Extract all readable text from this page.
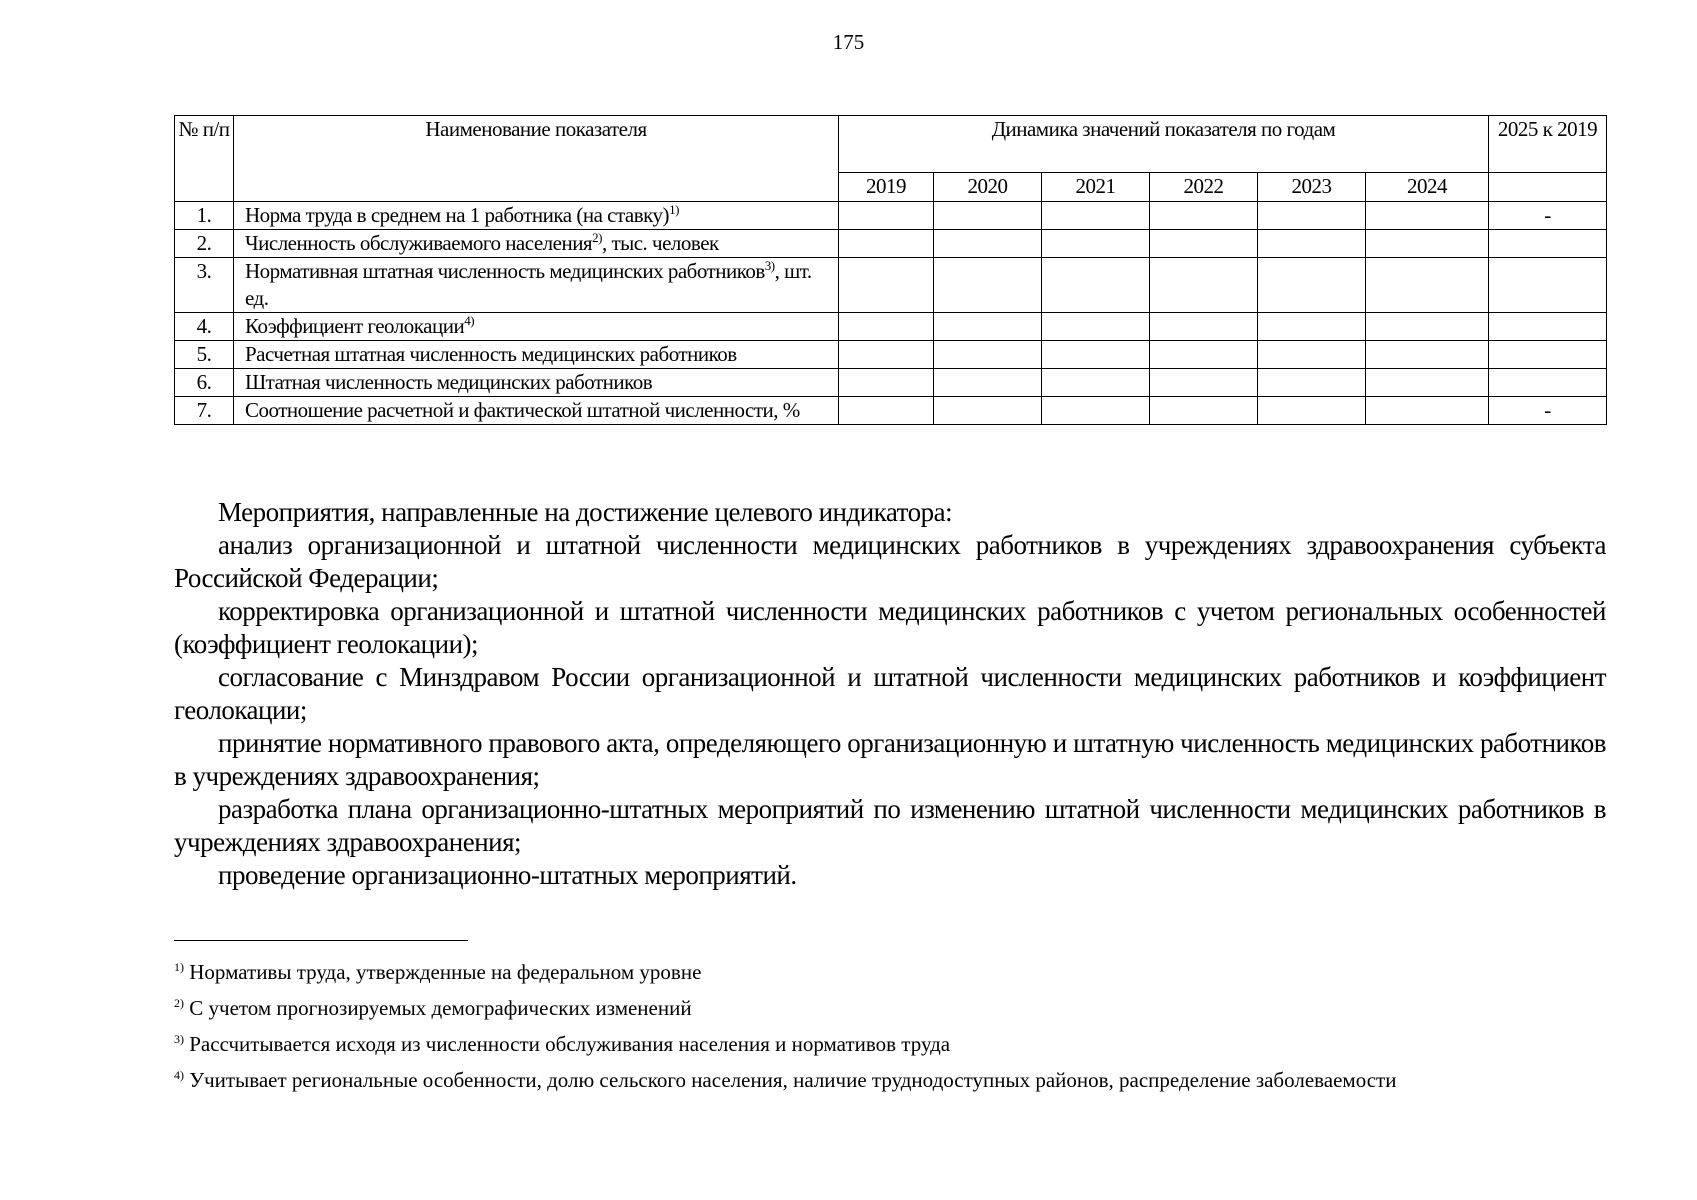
175
№ п/п	Наименование показателя	Динамика значений показателя по годам						2025 к 2019
		2019	2020	2021	2022	2023	2024	
1.	Норма труда в среднем на 1 работника (на ставку)$^{1)}$							-
2.	Численность обслуживаемого населения$^{2)}$, тыс. человек							
3.	Нормативная штатная численность медицинских работников$^{3)}$, шт. ед.							
4.	Коэффициент геолокации$^{4)}$							
5.	Расчетная штатная численность медицинских работников							
6.	Штатная численность медицинских работников							
7.	Соотношение расчетной и фактической штатной численности, %							-

Мероприятия, направленные на достижение целевого индикатора:

анализ организационной и штатной численности медицинских работников в учреждениях здравоохранения субъекта Российской Федерации;

корректировка организационной и штатной численности медицинских работников с учетом региональных особенностей (коэффициент геолокации);

согласование с Минздравом России организационной и штатной численности медицинских работников и коэффициент геолокации;

принятие нормативного правового акта, определяющего организационную и штатную численность медицинских работников в учреждениях здравоохранения;

разработка плана организационно-штатных мероприятий по изменению штатной численности медицинских работников в учреждениях здравоохранения;

проведение организационно-штатных мероприятий.

$^{1)}$ Нормативы труда, утвержденные на федеральном уровне

$^{2)}$ С учетом прогнозируемых демографических изменений

$^{3)}$ Рассчитывается исходя из численности обслуживания населения и нормативов труда

$^{4)}$ Учитывает региональные особенности, долю сельского населения, наличие труднодоступных районов, распределение заболеваемости
